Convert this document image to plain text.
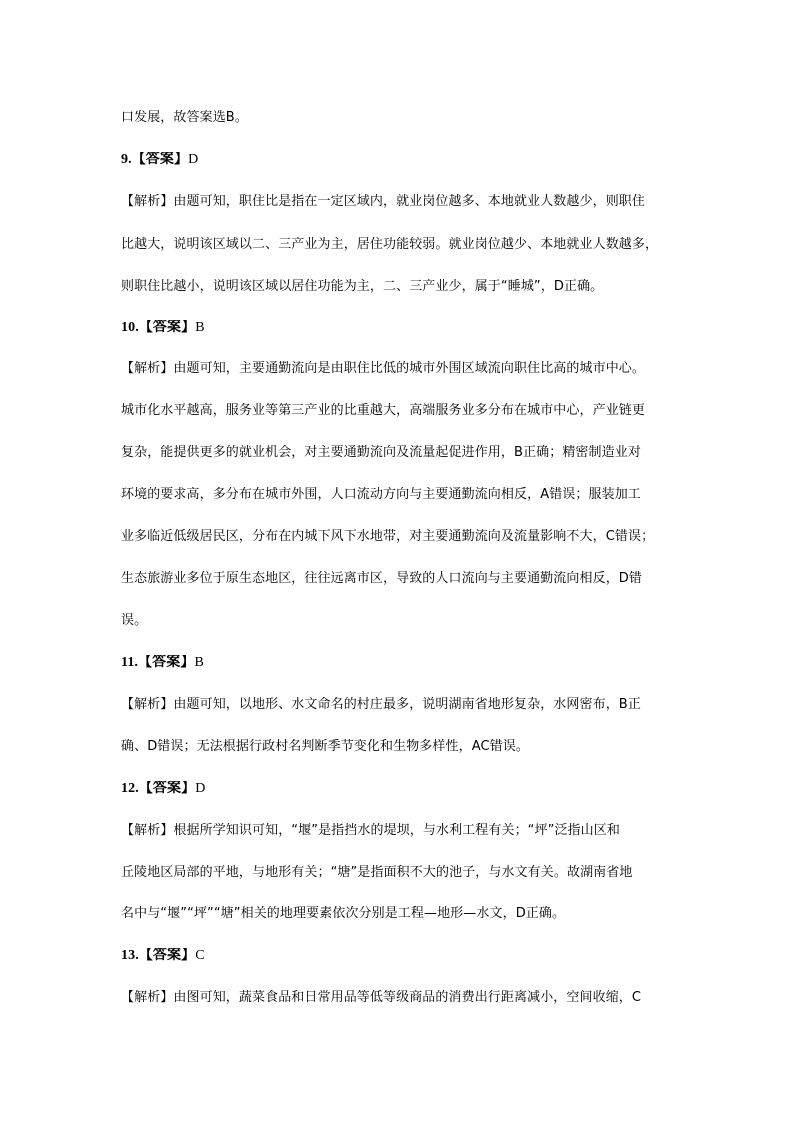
口发展，故答案选B。
9.【答案】D
【解析】由题可知，职住比是指在一定区域内，就业岗位越多、本地就业人数越少，则职住
比越大，说明该区域以二、三产业为主，居住功能较弱。就业岗位越少、本地就业人数越多，
则职住比越小，说明该区域以居住功能为主，二、三产业少，属于“睡城”，D正确。
10.【答案】B
【解析】由题可知，主要通勤流向是由职住比低的城市外围区域流向职住比高的城市中心。
城市化水平越高，服务业等第三产业的比重越大，高端服务业多分布在城市中心，产业链更
复杂，能提供更多的就业机会，对主要通勤流向及流量起促进作用，B正确；精密制造业对
环境的要求高，多分布在城市外围，人口流动方向与主要通勤流向相反，A错误；服装加工
业多临近低级居民区，分布在内城下风下水地带，对主要通勤流向及流量影响不大，C错误；
生态旅游业多位于原生态地区，往往远离市区，导致的人口流向与主要通勤流向相反，D错
误。
11.【答案】B
【解析】由题可知，以地形、水文命名的村庄最多，说明湖南省地形复杂，水网密布，B正
确、D错误；无法根据行政村名判断季节变化和生物多样性，AC错误。
12.【答案】D
【解析】根据所学知识可知，“堰”是指挡水的堤坝，与水利工程有关；“坪”泛指山区和
丘陵地区局部的平地，与地形有关；“塘”是指面积不大的池子，与水文有关。故湖南省地
名中与“堰”“坪”“塘”相关的地理要素依次分别是工程—地形—水文，D正确。
13.【答案】C
【解析】由图可知，蔬菜食品和日常用品等低等级商品的消费出行距离减小，空间收缩，C
